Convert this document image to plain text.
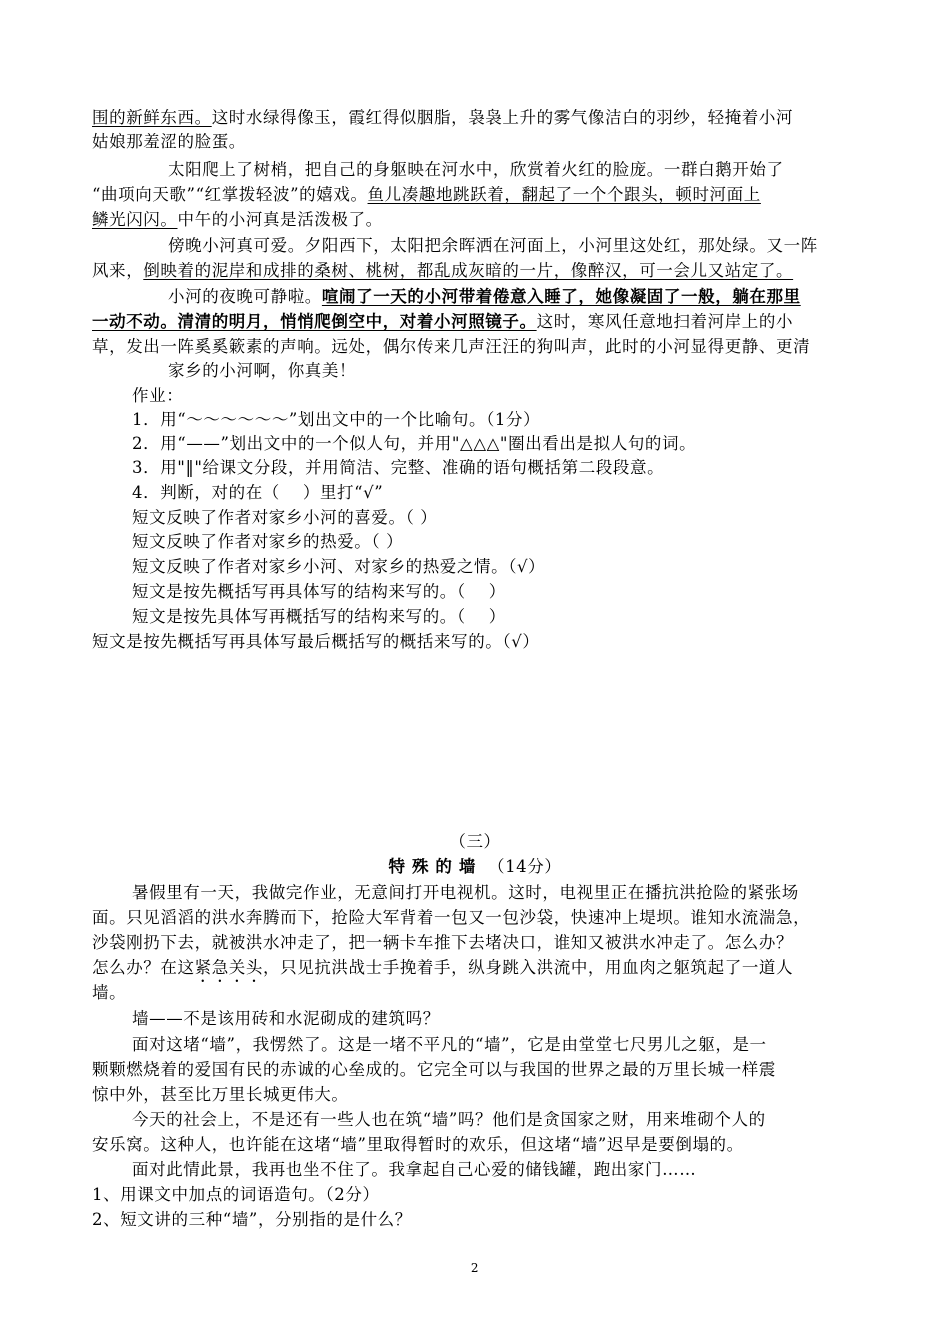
围的新鲜东西。这时水绿得像玉，霞红得似胭脂，袅袅上升的雾气像洁白的羽纱，轻掩着小河
姑娘那羞涩的脸蛋。
太阳爬上了树梢，把自己的身躯映在河水中，欣赏着火红的脸庞。一群白鹅开始了
“曲项向天歌”“红掌拨轻波”的嬉戏。鱼儿凑趣地跳跃着，翻起了一个个跟头，顿时河面上
鳞光闪闪。中午的小河真是活泼极了。
傍晚小河真可爱。夕阳西下，太阳把余晖洒在河面上，小河里这处红，那处绿。又一阵
风来，倒映着的泥岸和成排的桑树、桃树，都乱成灰暗的一片，像醉汉，可一会儿又站定了。
小河的夜晚可静啦。喧闹了一天的小河带着倦意入睡了，她像凝固了一般，躺在那里
一动不动。清清的明月，悄悄爬倒空中，对着小河照镜子。这时，寒风任意地扫着河岸上的小
草，发出一阵奚奚簌素的声响。远处，偶尔传来几声汪汪的狗叫声，此时的小河显得更静、更清
家乡的小河啊，你真美！
作业：
1．用“～～～～～～”划出文中的一个比喻句。（1分）
2．用“——”划出文中的一个似人句，并用"△△△"圈出看出是拟人句的词。
3．用"‖"给课文分段，并用简洁、完整、准确的语句概括第二段段意。
4．判断，对的在（　 ）里打“√”
短文反映了作者对家乡小河的喜爱。（ ）
短文反映了作者对家乡的热爱。（ ）
短文反映了作者对家乡小河、对家乡的热爱之情。（√）
短文是按先概括写再具体写的结构来写的。（　 ）
短文是按先具体写再概括写的结构来写的。（　 ）
短文是按先概括写再具体写最后概括写的概括来写的。（√）
（三）
特 殊 的 墙 （14分）
暑假里有一天，我做完作业，无意间打开电视机。这时，电视里正在播抗洪抢险的紧张场
面。只见滔滔的洪水奔腾而下，抢险大军背着一包又一包沙袋，快速冲上堤坝。谁知水流湍急，
沙袋刚扔下去，就被洪水冲走了，把一辆卡车推下去堵决口，谁知又被洪水冲走了。怎么办？
怎么办？在这紧急关头，只见抗洪战士手挽着手，纵身跳入洪流中，用血肉之躯筑起了一道人
墙。
墙——不是该用砖和水泥砌成的建筑吗？
面对这堵“墙”，我愣然了。这是一堵不平凡的“墙”，它是由堂堂七尺男儿之躯，是一
颗颗燃烧着的爱国有民的赤诚的心垒成的。它完全可以与我国的世界之最的万里长城一样震
惊中外，甚至比万里长城更伟大。
今天的社会上，不是还有一些人也在筑“墙”吗？他们是贪国家之财，用来堆砌个人的
安乐窝。这种人，也许能在这堵“墙”里取得暂时的欢乐，但这堵“墙”迟早是要倒塌的。
面对此情此景，我再也坐不住了。我拿起自己心爱的储钱罐，跑出家门……
1、用课文中加点的词语造句。（2分）
2、短文讲的三种“墙”，分别指的是什么？
2
